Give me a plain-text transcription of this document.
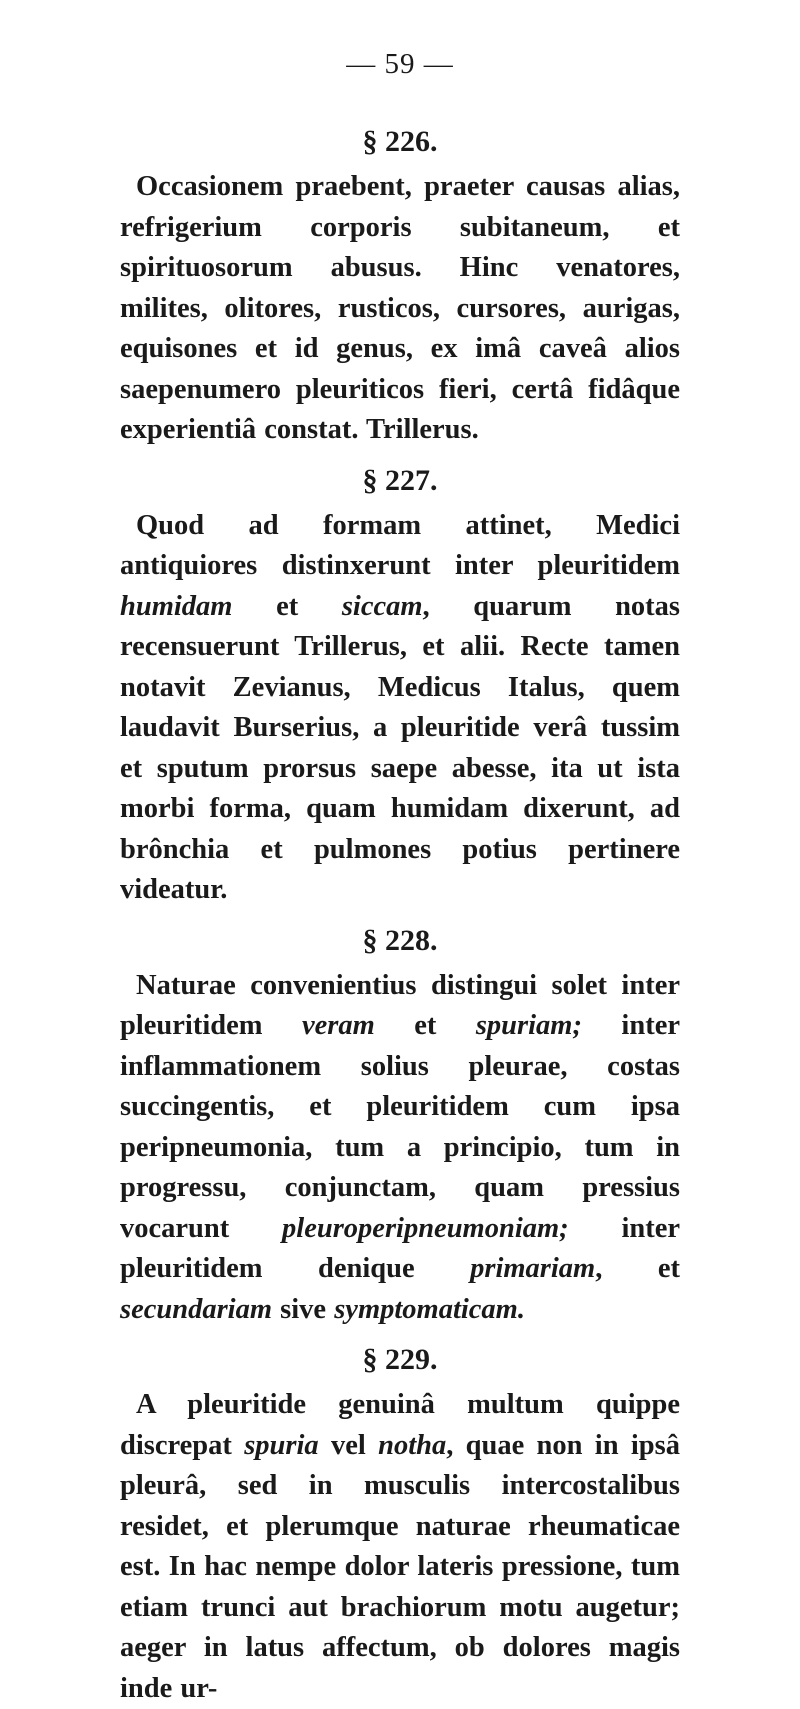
— 59 —
§ 226.

Occasionem praebent, praeter causas alias, refrigerium corporis subitaneum, et spirituosorum abusus. Hinc venatores, milites, olitores, rusticos, cursores, aurigas, equisones et id genus, ex imâ caveâ alios saepenumero pleuriticos fieri, certâ fidâque experientiâ constat. Trillerus.

§ 227.

Quod ad formam attinet, Medici antiquiores distinxerunt inter pleuritidem humidam et siccam, quarum notas recensuerunt Trillerus, et alii. Recte tamen notavit Zevianus, Medicus Italus, quem laudavit Burserius, a pleuritide verâ tussim et sputum prorsus saepe abesse, ita ut ista morbi forma, quam humidam dixerunt, ad brônchia et pulmones potius pertinere videatur.

§ 228.

Naturae convenientius distingui solet inter pleuritidem veram et spuriam; inter inflammationem solius pleurae, costas succingentis, et pleuritidem cum ipsa peripneumonia, tum a principio, tum in progressu, conjunctam, quam pressius vocarunt pleuroperipneumoniam; inter pleuritidem denique primariam, et secundariam sive symptomaticam.

§ 229.

A pleuritide genuinâ multum quippe discrepat spuria vel notha, quae non in ipsâ pleurâ, sed in musculis intercostalibus residet, et plerumque naturae rheumaticae est. In hac nempe dolor lateris pressione, tum etiam trunci aut brachiorum motu augetur; aeger in latus affectum, ob dolores magis inde ur-
